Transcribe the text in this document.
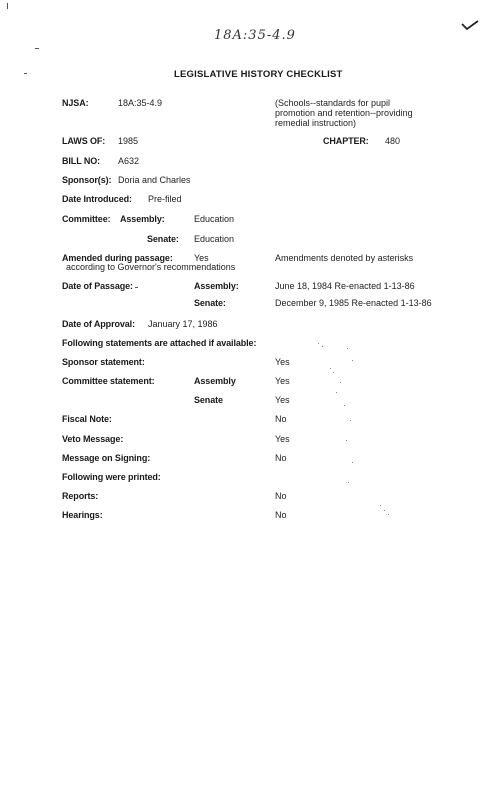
18A:35-4.9
LEGISLATIVE HISTORY CHECKLIST
NJSA:	18A:35-4.9	(Schools--standards for pupil
promotion and retention--providing
remedial instruction)
LAWS OF: 1985	CHAPTER: 480
BILL NO: A632
Sponsor(s): Doria and Charles
Date Introduced: Pre-filed
Committee: Assembly:	Education
Senate: Education
Amended during passage: Yes	Amendments denoted by asterisks
according to Governor's recommendations
Date of Passage:	Assembly:	June 18, 1984 Re-enacted 1-13-86
Senate:	December 9, 1985 Re-enacted 1-13-86
Date of Approval: January 17, 1986
Following statements are attached if available:
Sponsor statement:	Yes
Committee statement:	Assembly	Yes
Senate	Yes
Fiscal Note:	No
Veto Message:	Yes
Message on Signing:	No
Following were printed:
Reports:	No
Hearings:	No
